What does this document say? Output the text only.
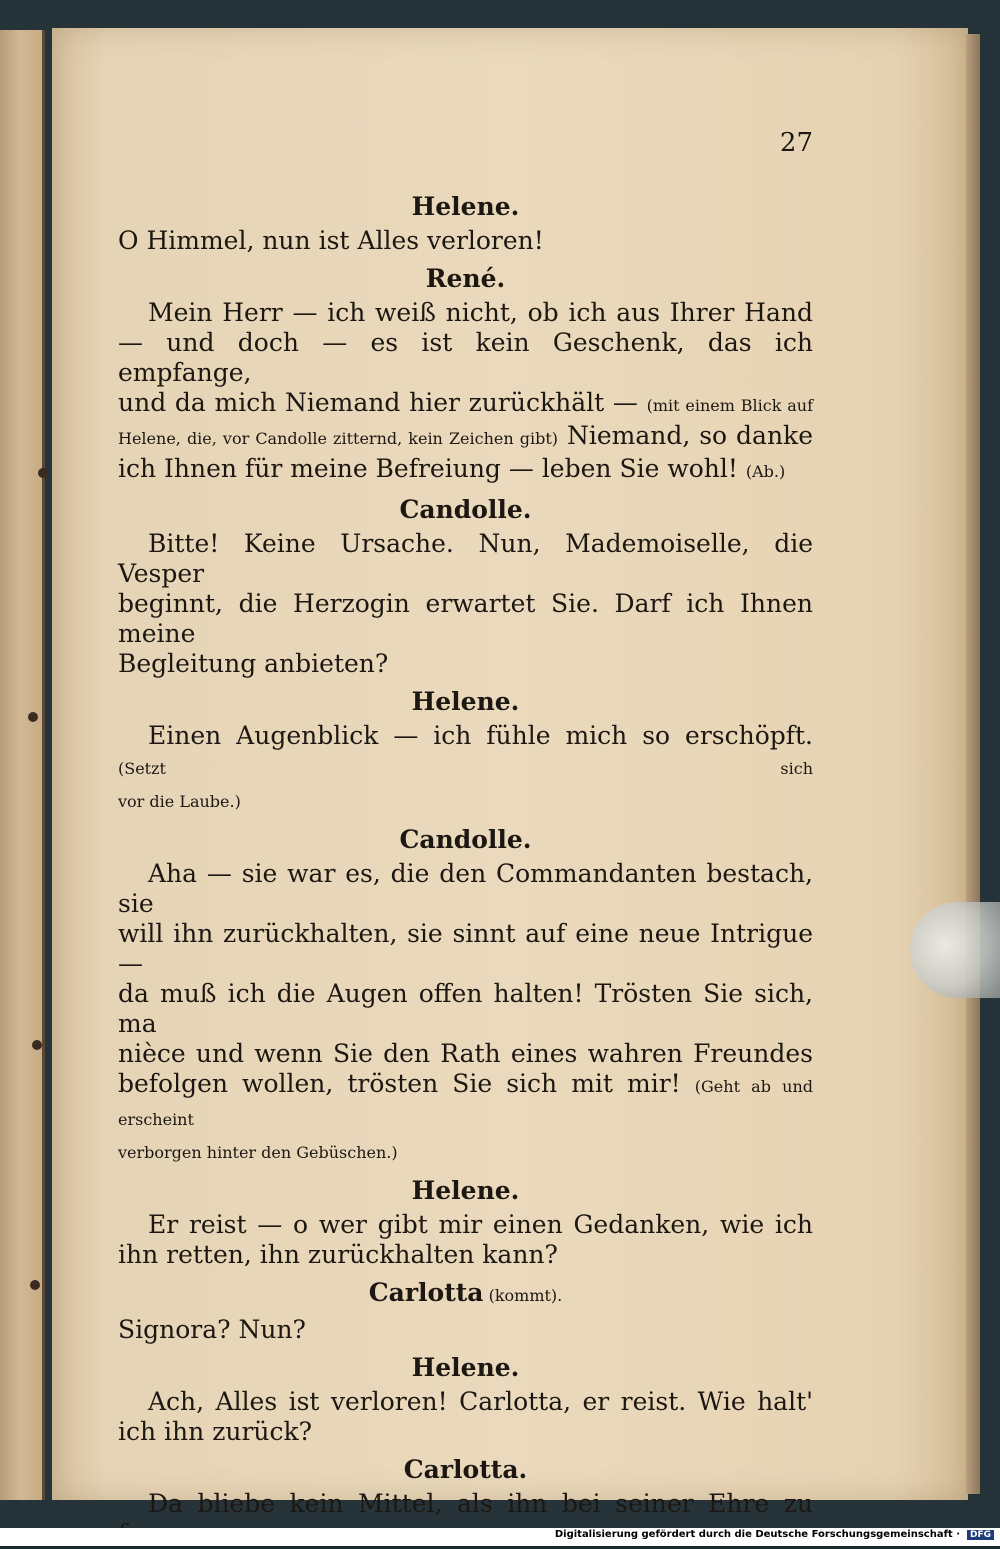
27

Helene.

O Himmel, nun ist Alles verloren!

René.

Mein Herr — ich weiß nicht, ob ich aus Ihrer Hand

— und doch — es ist kein Geschenk, das ich empfange,

und da mich Niemand hier zurückhält — (mit einem Blick auf

Helene, die, vor Candolle zitternd, kein Zeichen gibt) Niemand, so danke

ich Ihnen für meine Befreiung — leben Sie wohl! (Ab.)

Candolle.

Bitte! Keine Ursache. Nun, Mademoiselle, die Vesper

beginnt, die Herzogin erwartet Sie. Darf ich Ihnen meine

Begleitung anbieten?

Helene.

Einen Augenblick — ich fühle mich so erschöpft. (Setzt sich

vor die Laube.)

Candolle.

Aha — sie war es, die den Commandanten bestach, sie

will ihn zurückhalten, sie sinnt auf eine neue Intrigue —

da muß ich die Augen offen halten! Trösten Sie sich, ma

nièce und wenn Sie den Rath eines wahren Freundes

befolgen wollen, trösten Sie sich mit mir! (Geht ab und erscheint

verborgen hinter den Gebüschen.)

Helene.

Er reist — o wer gibt mir einen Gedanken, wie ich

ihn retten, ihn zurückhalten kann?

Carlotta (kommt).

Signora? Nun?

Helene.

Ach, Alles ist verloren! Carlotta, er reist. Wie halt'

ich ihn zurück?

Carlotta.

Da bliebe kein Mittel, als ihn bei seiner Ehre zu

Digitalisierung gefördert durch die Deutsche Forschungsgemeinschaft ·	DFG
